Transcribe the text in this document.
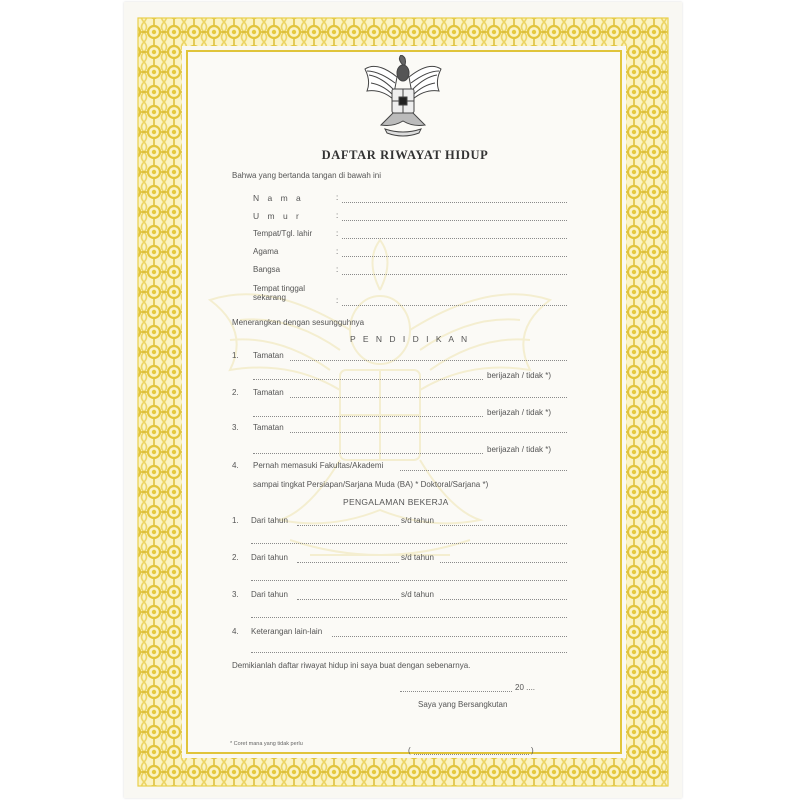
DAFTAR RIWAYAT HIDUP
Bahwa yang bertanda tangan di bawah ini
N a m a	:
U m u r	:
Tempat/Tgl. lahir	:
Agama	:
Bangsa	:
Tempat tinggal
sekarang	:
Menerangkan dengan sesungguhnya
P E N D I D I K A N
1. Tamatan
berijazah / tidak *)
2. Tamatan
berijazah / tidak *)
3. Tamatan
berijazah / tidak *)
4. Pernah memasuki Fakultas/Akademi
sampai tingkat Persiapan/Sarjana Muda (BA) * Doktoral/Sarjana *)
PENGALAMAN BEKERJA
1. Dari tahun	s/d tahun
2. Dari tahun	s/d tahun
3. Dari tahun	s/d tahun
4. Keterangan lain-lain
Demikianlah daftar riwayat hidup ini saya buat dengan sebenarnya.
20 ....
Saya yang Bersangkutan
* Coret mana yang tidak perlu
(	)
